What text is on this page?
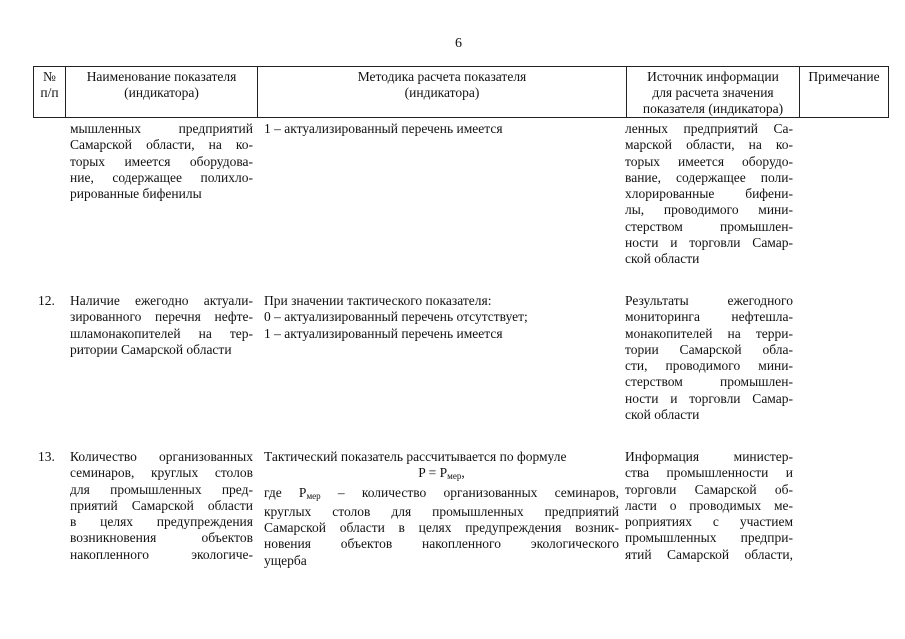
6
№
п/п
Наименование показателя
(индикатора)
Методика расчета показателя
(индикатора)
Источник информации
для расчета значения
показателя (индикатора)
Примечание
мышленных предприятий
Самарской области, на ко-
торых имеется оборудова-
ние, содержащее полихло-
рированные бифенилы
1 – актуализированный перечень имеется	ленных предприятий Са-
марской области, на ко-
торых имеется оборудо-
вание, содержащее поли-
хлорированные бифени-
лы, проводимого мини-
стерством промышлен-
ности и торговли Самар-
ской области
12. Наличие ежегодно актуали-
зированного перечня нефте-
шламонакопителей на тер-
ритории Самарской области
При значении тактического показателя:
0 – актуализированный перечень отсутствует;
1 – актуализированный перечень имеется
Результаты ежегодного
мониторинга нефтешла-
монакопителей на терри-
тории Самарской обла-
сти, проводимого мини-
стерством промышлен-
ности и торговли Самар-
ской области
13. Количество организованных
семинаров, круглых столов
для промышленных пред-
приятий Самарской области
в целях предупреждения
возникновения объектов
накопленного экологиче-
Тактический показатель рассчитывается по формуле
$P = P_{мер}$,
где $P_{мер}$ – количество организованных семинаров,
круглых столов для промышленных предприятий
Самарской области в целях предупреждения возник-
новения объектов накопленного экологического
ущерба
Информация министер-
ства промышленности и
торговли Самарской об-
ласти о проводимых ме-
роприятиях с участием
промышленных предпри-
ятий Самарской области,
